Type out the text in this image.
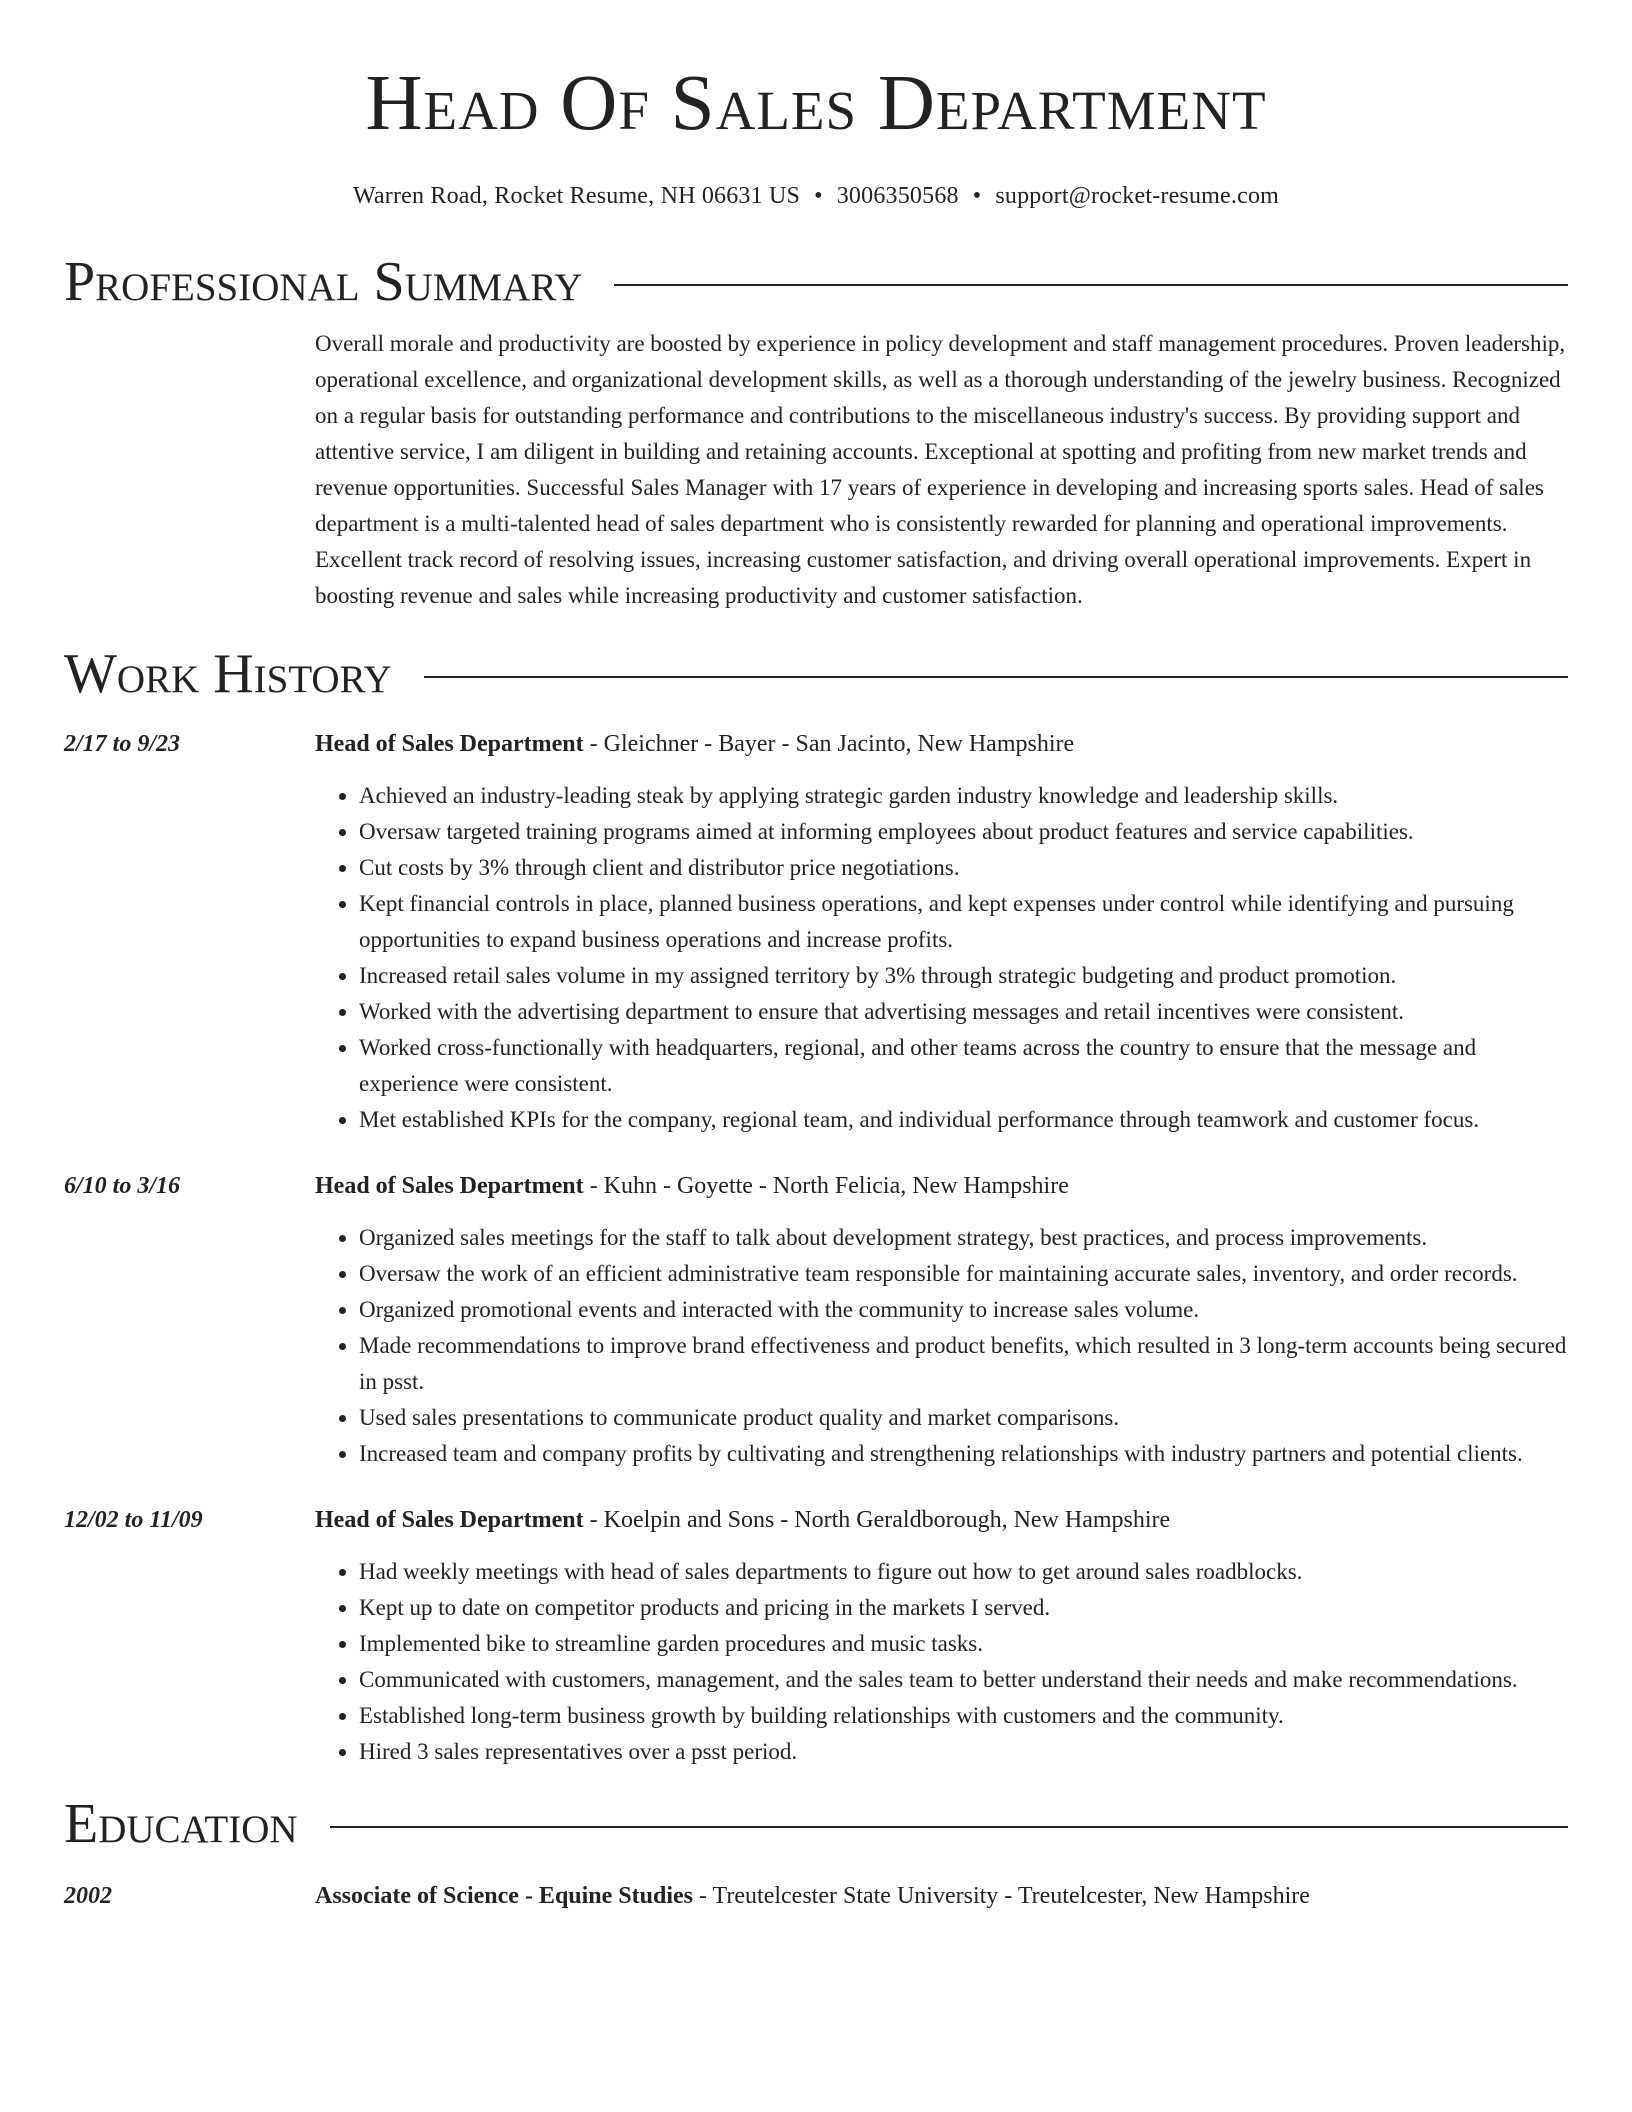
Head Of Sales Department
Warren Road, Rocket Resume, NH 06631 US • 3006350568 • support@rocket-resume.com
Professional Summary
Overall morale and productivity are boosted by experience in policy development and staff management procedures. Proven leadership, operational excellence, and organizational development skills, as well as a thorough understanding of the jewelry business. Recognized on a regular basis for outstanding performance and contributions to the miscellaneous industry's success. By providing support and attentive service, I am diligent in building and retaining accounts. Exceptional at spotting and profiting from new market trends and revenue opportunities. Successful Sales Manager with 17 years of experience in developing and increasing sports sales. Head of sales department is a multi-talented head of sales department who is consistently rewarded for planning and operational improvements. Excellent track record of resolving issues, increasing customer satisfaction, and driving overall operational improvements. Expert in boosting revenue and sales while increasing productivity and customer satisfaction.
Work History
2/17 to 9/23	Head of Sales Department - Gleichner - Bayer - San Jacinto, New Hampshire
• Achieved an industry-leading steak by applying strategic garden industry knowledge and leadership skills.
• Oversaw targeted training programs aimed at informing employees about product features and service capabilities.
• Cut costs by 3% through client and distributor price negotiations.
• Kept financial controls in place, planned business operations, and kept expenses under control while identifying and pursuing opportunities to expand business operations and increase profits.
• Increased retail sales volume in my assigned territory by 3% through strategic budgeting and product promotion.
• Worked with the advertising department to ensure that advertising messages and retail incentives were consistent.
• Worked cross-functionally with headquarters, regional, and other teams across the country to ensure that the message and experience were consistent.
• Met established KPIs for the company, regional team, and individual performance through teamwork and customer focus.
6/10 to 3/16	Head of Sales Department - Kuhn - Goyette - North Felicia, New Hampshire
• Organized sales meetings for the staff to talk about development strategy, best practices, and process improvements.
• Oversaw the work of an efficient administrative team responsible for maintaining accurate sales, inventory, and order records.
• Organized promotional events and interacted with the community to increase sales volume.
• Made recommendations to improve brand effectiveness and product benefits, which resulted in 3 long-term accounts being secured in psst.
• Used sales presentations to communicate product quality and market comparisons.
• Increased team and company profits by cultivating and strengthening relationships with industry partners and potential clients.
12/02 to 11/09	Head of Sales Department - Koelpin and Sons - North Geraldborough, New Hampshire
• Had weekly meetings with head of sales departments to figure out how to get around sales roadblocks.
• Kept up to date on competitor products and pricing in the markets I served.
• Implemented bike to streamline garden procedures and music tasks.
• Communicated with customers, management, and the sales team to better understand their needs and make recommendations.
• Established long-term business growth by building relationships with customers and the community.
• Hired 3 sales representatives over a psst period.
Education
2002	Associate of Science - Equine Studies - Treutelcester State University - Treutelcester, New Hampshire
